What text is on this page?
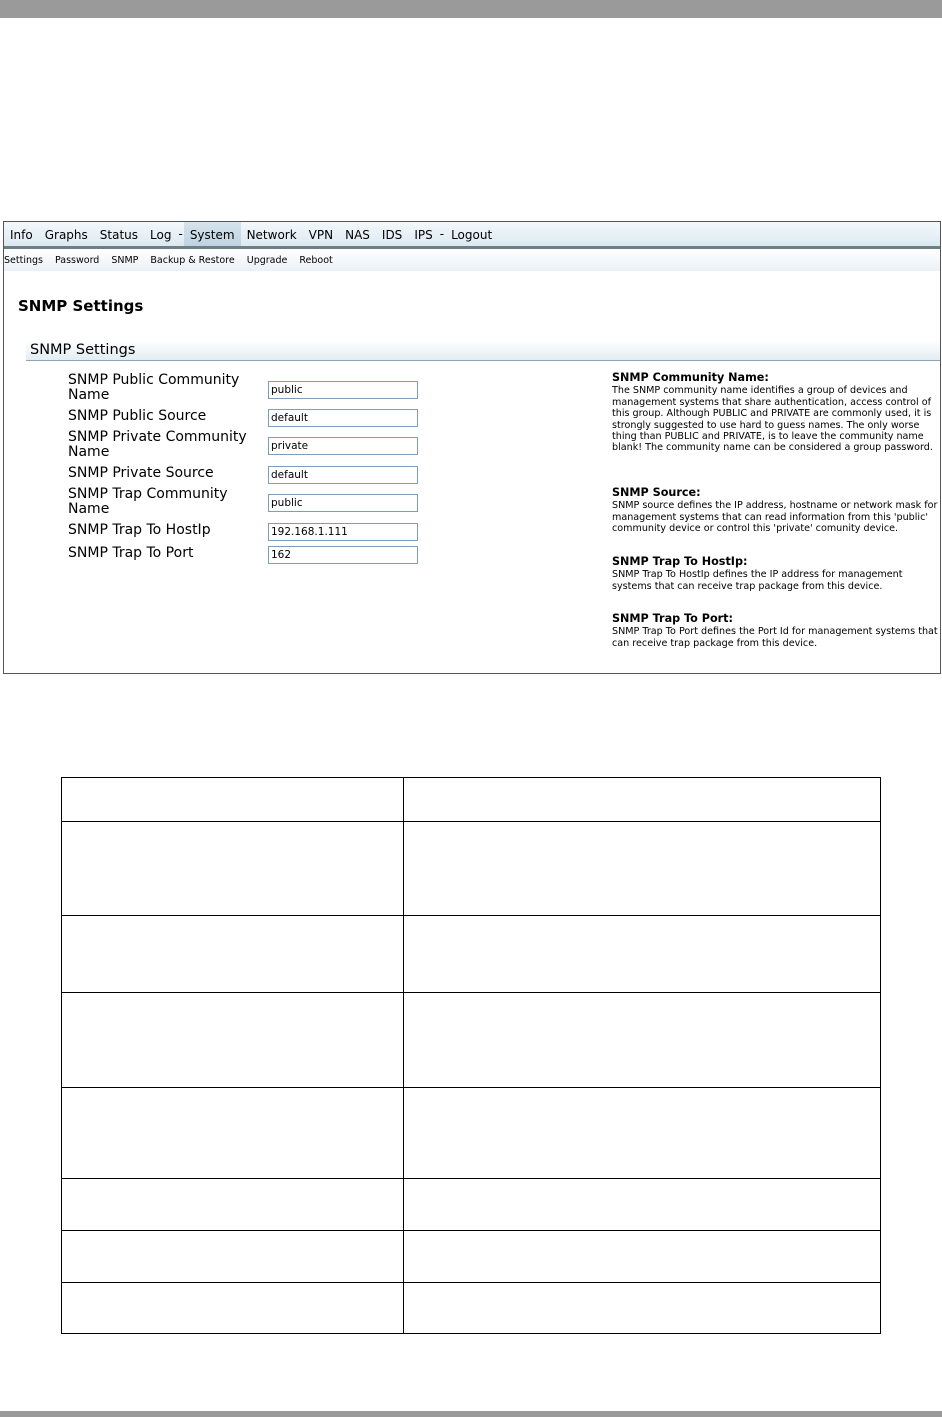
Info	Graphs	Status	Log - System	Network	VPN	NAS	IDS	IPS - Logout
Settings	Password	SNMP	Backup & Restore	Upgrade	Reboot
SNMP Settings
SNMP Settings
SNMP Public Community Name	public
SNMP Public Source	default
SNMP Private Community Name	private
SNMP Private Source	default
SNMP Trap Community Name	public
SNMP Trap To HostIp	192.168.1.111
SNMP Trap To Port	162
SNMP Community Name:
The SNMP community name identifies a group of devices and management systems that share authentication, access control of this group. Although PUBLIC and PRIVATE are commonly used, it is strongly suggested to use hard to guess names. The only worse thing than PUBLIC and PRIVATE, is to leave the community name blank! The community name can be considered a group password.
SNMP Source:
SNMP source defines the IP address, hostname or network mask for management systems that can read information from this 'public' community device or control this 'private' comunity device.
SNMP Trap To HostIp:
SNMP Trap To HostIp defines the IP address for management systems that can receive trap package from this device.
SNMP Trap To Port:
SNMP Trap To Port defines the Port Id for management systems that can receive trap package from this device.
